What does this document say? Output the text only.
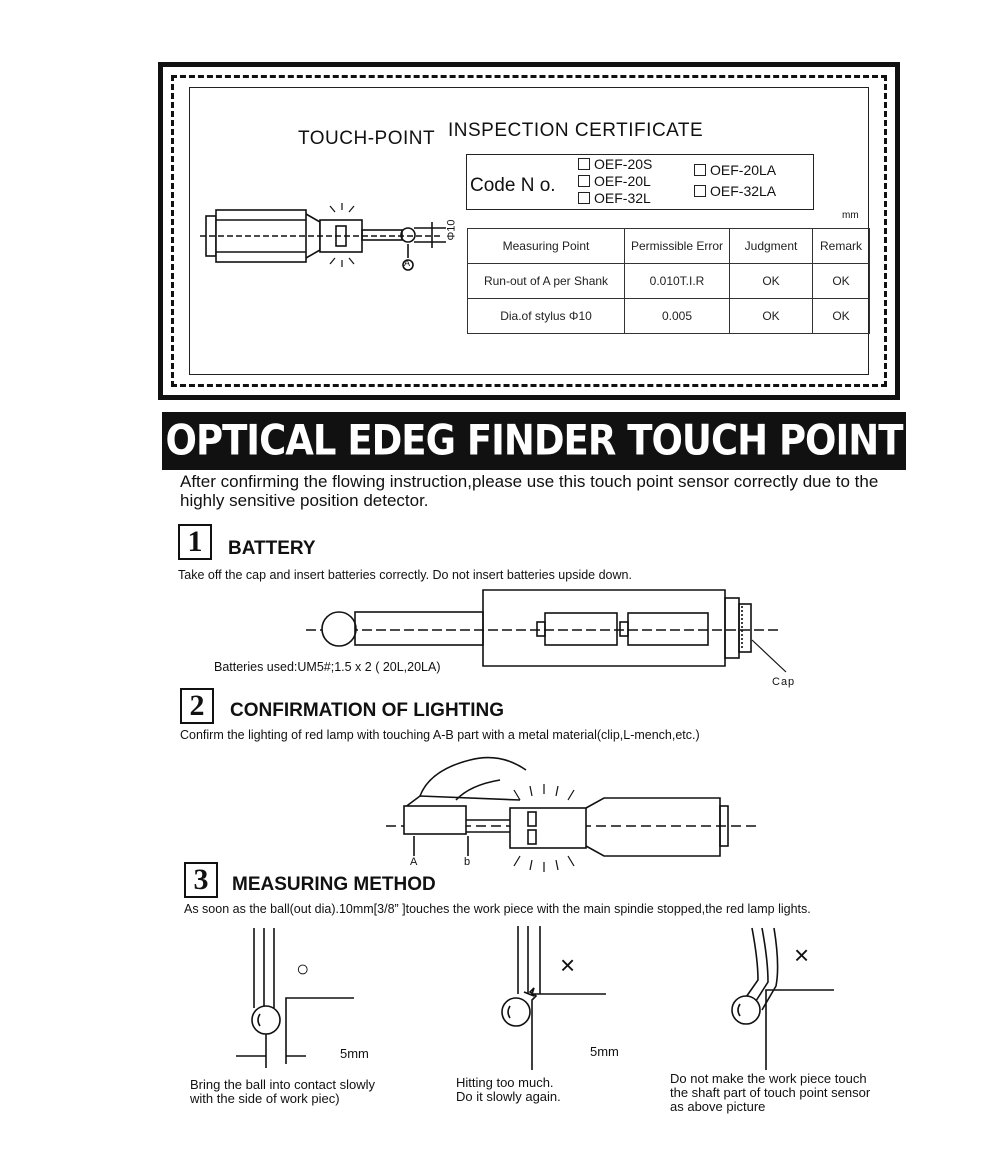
TOUCH-POINT INSPECTION CERTIFICATE
Code N o.
OEF-20S
OEF-20L
OEF-32L
OEF-20LA
OEF-32LA
mm
Measuring Point	Permissible Error	Judgment	Remark
Run-out of A per Shank	0.010T.I.R	OK	OK
Dia.of stylus Φ10	0.005	OK	OK
Φ10
A
OPTICAL EDEG FINDER TOUCH POINT SENSOR
After confirming the flowing instruction,please use this touch point sensor correctly due to the highly sensitive position detector.
1	BATTERY
Take off the cap and insert batteries correctly. Do not insert batteries upside down.
Batteries used:UM5#;1.5 x 2 ( 20L,20LA)
Cap
2	CONFIRMATION OF LIGHTING
Confirm the lighting of red lamp with touching A-B part with a metal material(clip,L-mench,etc.)
A	b
3	MEASURING METHOD
As soon as the ball(out dia).10mm[3/8” ]touches the work piece with the main spindie stopped,the red lamp lights.
○
5mm
Bring the ball into contact slowly
with the side of work piec)
×
5mm
Hitting too much.
Do it slowly again.
×
Do not make the work piece touch
the shaft part of touch point sensor
as above picture
